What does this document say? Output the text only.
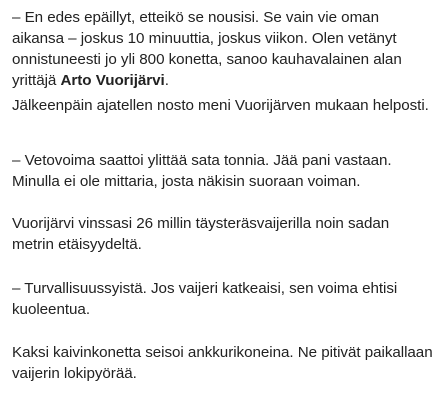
– En edes epäillyt, etteikö se nousisi. Se vain vie oman aikansa – joskus 10 minuuttia, joskus viikon. Olen vetänyt onnistuneesti jo yli 800 konetta, sanoo kauhavalainen alan yrittäjä Arto Vuorijärvi.

Jälkeenpäin ajatellen nosto meni Vuorijärven mukaan helposti.

– Vetovoima saattoi ylittää sata tonnia. Jää pani vastaan. Minulla ei ole mittaria, josta näkisin suoraan voiman.

Vuorijärvi vinssasi 26 millin täysteräsvaijerilla noin sadan metrin etäisyydeltä.

– Turvallisuussyistä. Jos vaijeri katkeaisi, sen voima ehtisi kuoleentua.

Kaksi kaivinkonetta seisoi ankkurikoneina. Ne pitivät paikallaan vaijerin lokipyörää.
